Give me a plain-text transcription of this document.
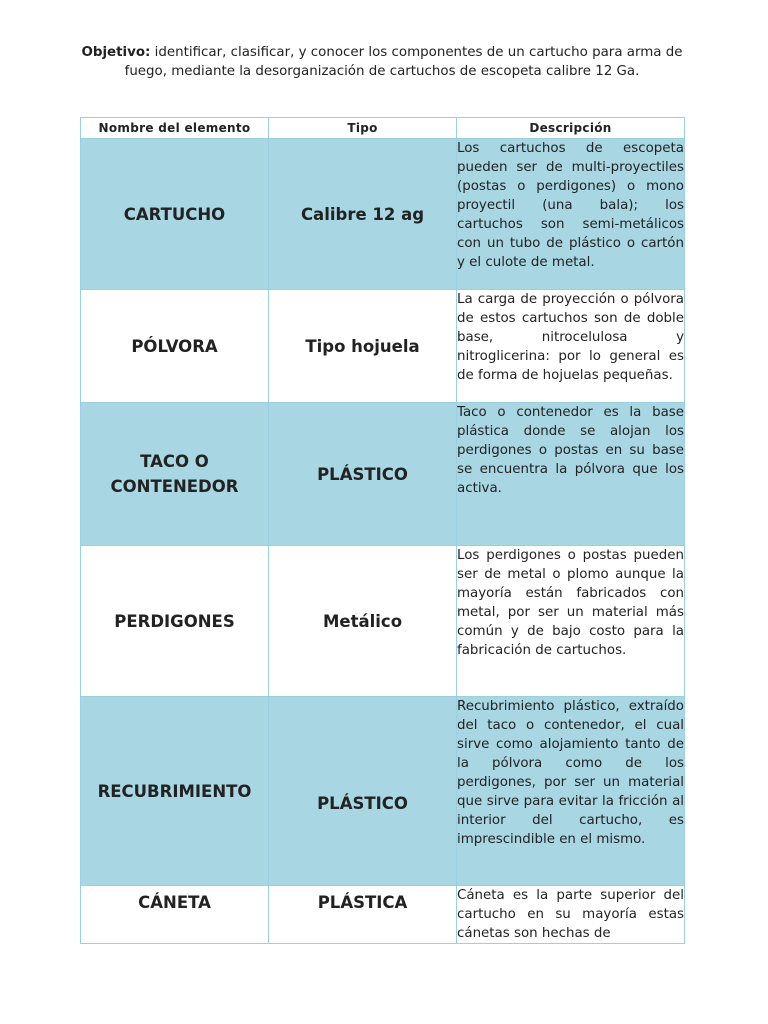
Objetivo: identificar, clasificar, y conocer los componentes de un cartucho para arma de fuego, mediante la desorganización de cartuchos de escopeta calibre 12 Ga.

Nombre del elemento	Tipo	Descripción
CARTUCHO	Calibre 12 ag	Los cartuchos de escopeta pueden ser de multi-proyectiles (postas o perdigones) o mono proyectil (una bala); los cartuchos son semi-metálicos con un tubo de plástico o cartón y el culote de metal.
PÓLVORA	Tipo hojuela	La carga de proyección o pólvora de estos cartuchos son de doble base, nitrocelulosa y nitroglicerina: por lo general es de forma de hojuelas pequeñas.
TACO O CONTENEDOR	PLÁSTICO	Taco o contenedor es la base plástica donde se alojan los perdigones o postas en su base se encuentra la pólvora que los activa.
PERDIGONES	Metálico	Los perdigones o postas pueden ser de metal o plomo aunque la mayoría están fabricados con metal, por ser un material más común y de bajo costo para la fabricación de cartuchos.
RECUBRIMIENTO	PLÁSTICO	Recubrimiento plástico, extraído del taco o contenedor, el cual sirve como alojamiento tanto de la pólvora como de los perdigones, por ser un material que sirve para evitar la fricción al interior del cartucho, es imprescindible en el mismo.
CÁNETA	PLÁSTICA	Cáneta es la parte superior del cartucho en su mayoría estas cánetas son hechas de
